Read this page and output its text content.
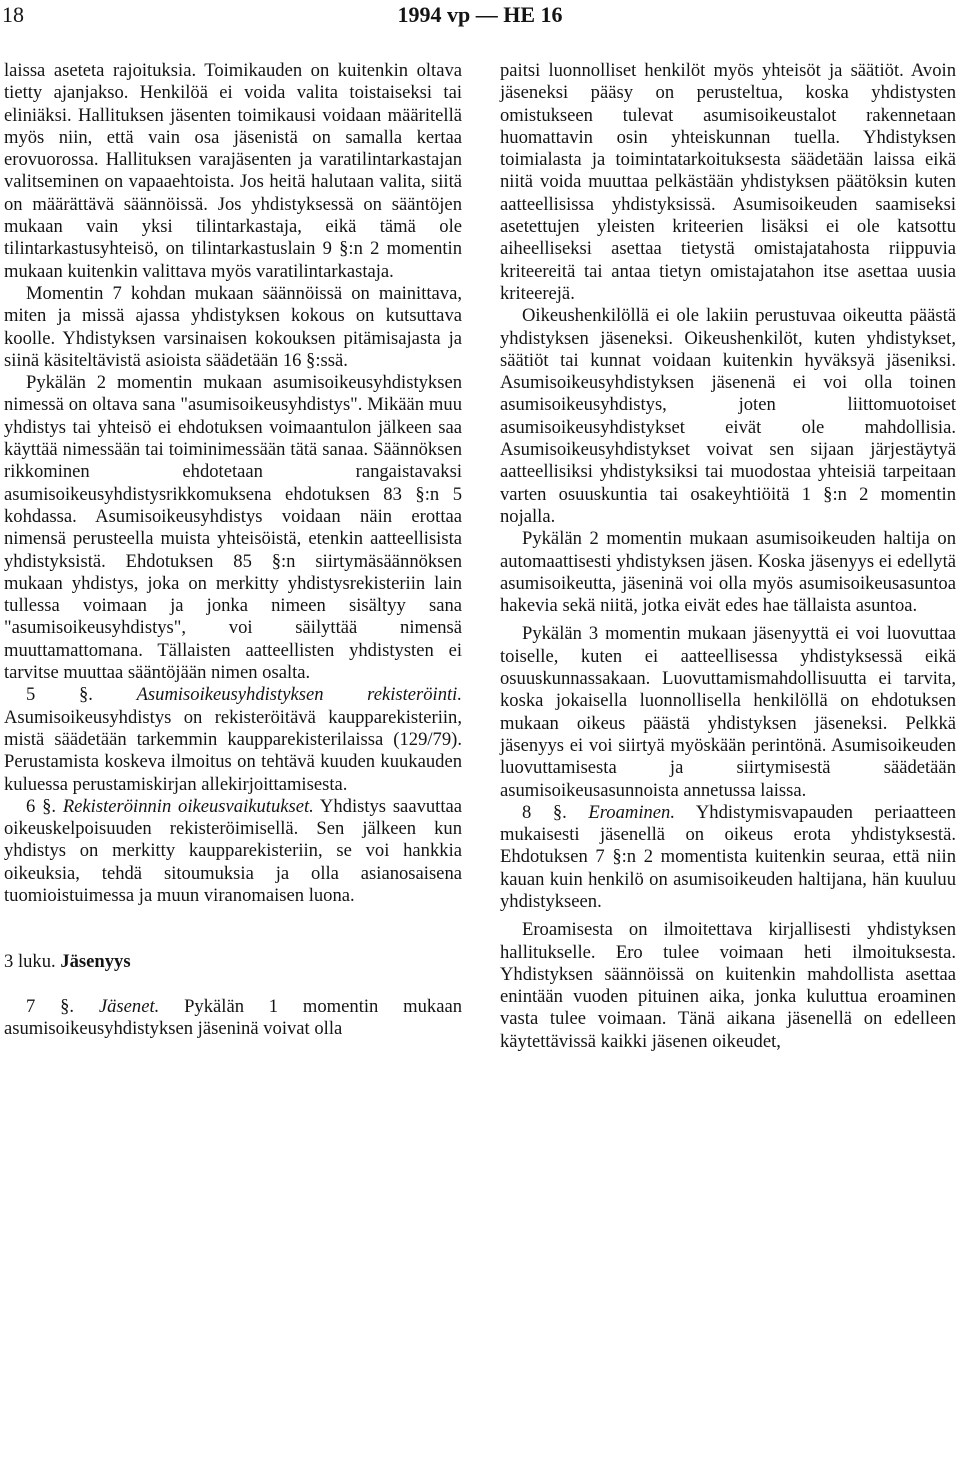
18	1994 vp — HE 16

laissa aseteta rajoituksia. Toimikauden on kuitenkin oltava tietty ajanjakso. Henkilöä ei voida valita toistaiseksi tai eliniäksi. Hallituksen jäsenten toimikausi voidaan määritellä myös niin, että vain osa jäsenistä on samalla kertaa erovuorossa. Hallituksen varajäsenten ja varatilintarkastajan valitseminen on vapaaehtoista. Jos heitä halutaan valita, siitä on määrättävä säännöissä. Jos yhdistyksessä on sääntöjen mukaan vain yksi tilintarkastaja, eikä tämä ole tilintarkastusyhteisö, on tilintarkastuslain 9 §:n 2 momentin mukaan kuitenkin valittava myös varatilintarkastaja.

Momentin 7 kohdan mukaan säännöissä on mainittava, miten ja missä ajassa yhdistyksen kokous on kutsuttava koolle. Yhdistyksen varsinaisen kokouksen pitämisajasta ja siinä käsiteltävistä asioista säädetään 16 §:ssä.

Pykälän 2 momentin mukaan asumisoikeusyhdistyksen nimessä on oltava sana "asumisoikeusyhdistys". Mikään muu yhdistys tai yhteisö ei ehdotuksen voimaantulon jälkeen saa käyttää nimessään tai toiminimessään tätä sanaa. Säännöksen rikkominen ehdotetaan rangaistavaksi asumisoikeusyhdistysrikkomuksena ehdotuksen 83 §:n 5 kohdassa. Asumisoikeusyhdistys voidaan näin erottaa nimensä perusteella muista yhteisöistä, etenkin aatteellisista yhdistyksistä. Ehdotuksen 85 §:n siirtymäsäännöksen mukaan yhdistys, joka on merkitty yhdistysrekisteriin lain tullessa voimaan ja jonka nimeen sisältyy sana "asumisoikeusyhdistys", voi säilyttää nimensä muuttamattomana. Tällaisten aatteellisten yhdistysten ei tarvitse muuttaa sääntöjään nimen osalta.

5 §. Asumisoikeusyhdistyksen rekisteröinti. Asumisoikeusyhdistys on rekisteröitävä kaupparekisteriin, mistä säädetään tarkemmin kaupparekisterilaissa (129/79). Perustamista koskeva ilmoitus on tehtävä kuuden kuukauden kuluessa perustamiskirjan allekirjoittamisesta.

6 §. Rekisteröinnin oikeusvaikutukset. Yhdistys saavuttaa oikeuskelpoisuuden rekisteröimisellä. Sen jälkeen kun yhdistys on merkitty kaupparekisteriin, se voi hankkia oikeuksia, tehdä sitoumuksia ja olla asianosaisena tuomioistuimessa ja muun viranomaisen luona.

3 luku. Jäsenyys

7 §. Jäsenet. Pykälän 1 momentin mukaan asumisoikeusyhdistyksen jäseninä voivat olla

paitsi luonnolliset henkilöt myös yhteisöt ja säätiöt. Avoin jäseneksi pääsy on perusteltua, koska yhdistysten omistukseen tulevat asumisoikeustalot rakennetaan huomattavin osin yhteiskunnan tuella. Yhdistyksen toimialasta ja toimintatarkoituksesta säädetään laissa eikä niitä voida muuttaa pelkästään yhdistyksen päätöksin kuten aatteellisissa yhdistyksissä. Asumisoikeuden saamiseksi asetettujen yleisten kriteerien lisäksi ei ole katsottu aiheelliseksi asettaa tietystä omistajatahosta riippuvia kriteereitä tai antaa tietyn omistajatahon itse asettaa uusia kriteerejä.

Oikeushenkilöllä ei ole lakiin perustuvaa oikeutta päästä yhdistyksen jäseneksi. Oikeushenkilöt, kuten yhdistykset, säätiöt tai kunnat voidaan kuitenkin hyväksyä jäseniksi. Asumisoikeusyhdistyksen jäsenenä ei voi olla toinen asumisoikeusyhdistys, joten liittomuotoiset asumisoikeusyhdistykset eivät ole mahdollisia. Asumisoikeusyhdistykset voivat sen sijaan järjestäytyä aatteellisiksi yhdistyksiksi tai muodostaa yhteisiä tarpeitaan varten osuuskuntia tai osakeyhtiöitä 1 §:n 2 momentin nojalla.

Pykälän 2 momentin mukaan asumisoikeuden haltija on automaattisesti yhdistyksen jäsen. Koska jäsenyys ei edellytä asumisoikeutta, jäseninä voi olla myös asumisoikeusasuntoa hakevia sekä niitä, jotka eivät edes hae tällaista asuntoa.

Pykälän 3 momentin mukaan jäsenyyttä ei voi luovuttaa toiselle, kuten ei aatteellisessa yhdistyksessä eikä osuuskunnassakaan. Luovuttamismahdollisuutta ei tarvita, koska jokaisella luonnollisella henkilöllä on ehdotuksen mukaan oikeus päästä yhdistyksen jäseneksi. Pelkkä jäsenyys ei voi siirtyä myöskään perintönä. Asumisoikeuden luovuttamisesta ja siirtymisestä säädetään asumisoikeusasunnoista annetussa laissa.

8 §. Eroaminen. Yhdistymisvapauden periaatteen mukaisesti jäsenellä on oikeus erota yhdistyksestä. Ehdotuksen 7 §:n 2 momentista kuitenkin seuraa, että niin kauan kuin henkilö on asumisoikeuden haltijana, hän kuuluu yhdistykseen.

Eroamisesta on ilmoitettava kirjallisesti yhdistyksen hallitukselle. Ero tulee voimaan heti ilmoituksesta. Yhdistyksen säännöissä on kuitenkin mahdollista asettaa enintään vuoden pituinen aika, jonka kuluttua eroaminen vasta tulee voimaan. Tänä aikana jäsenellä on edelleen käytettävissä kaikki jäsenen oikeudet,
